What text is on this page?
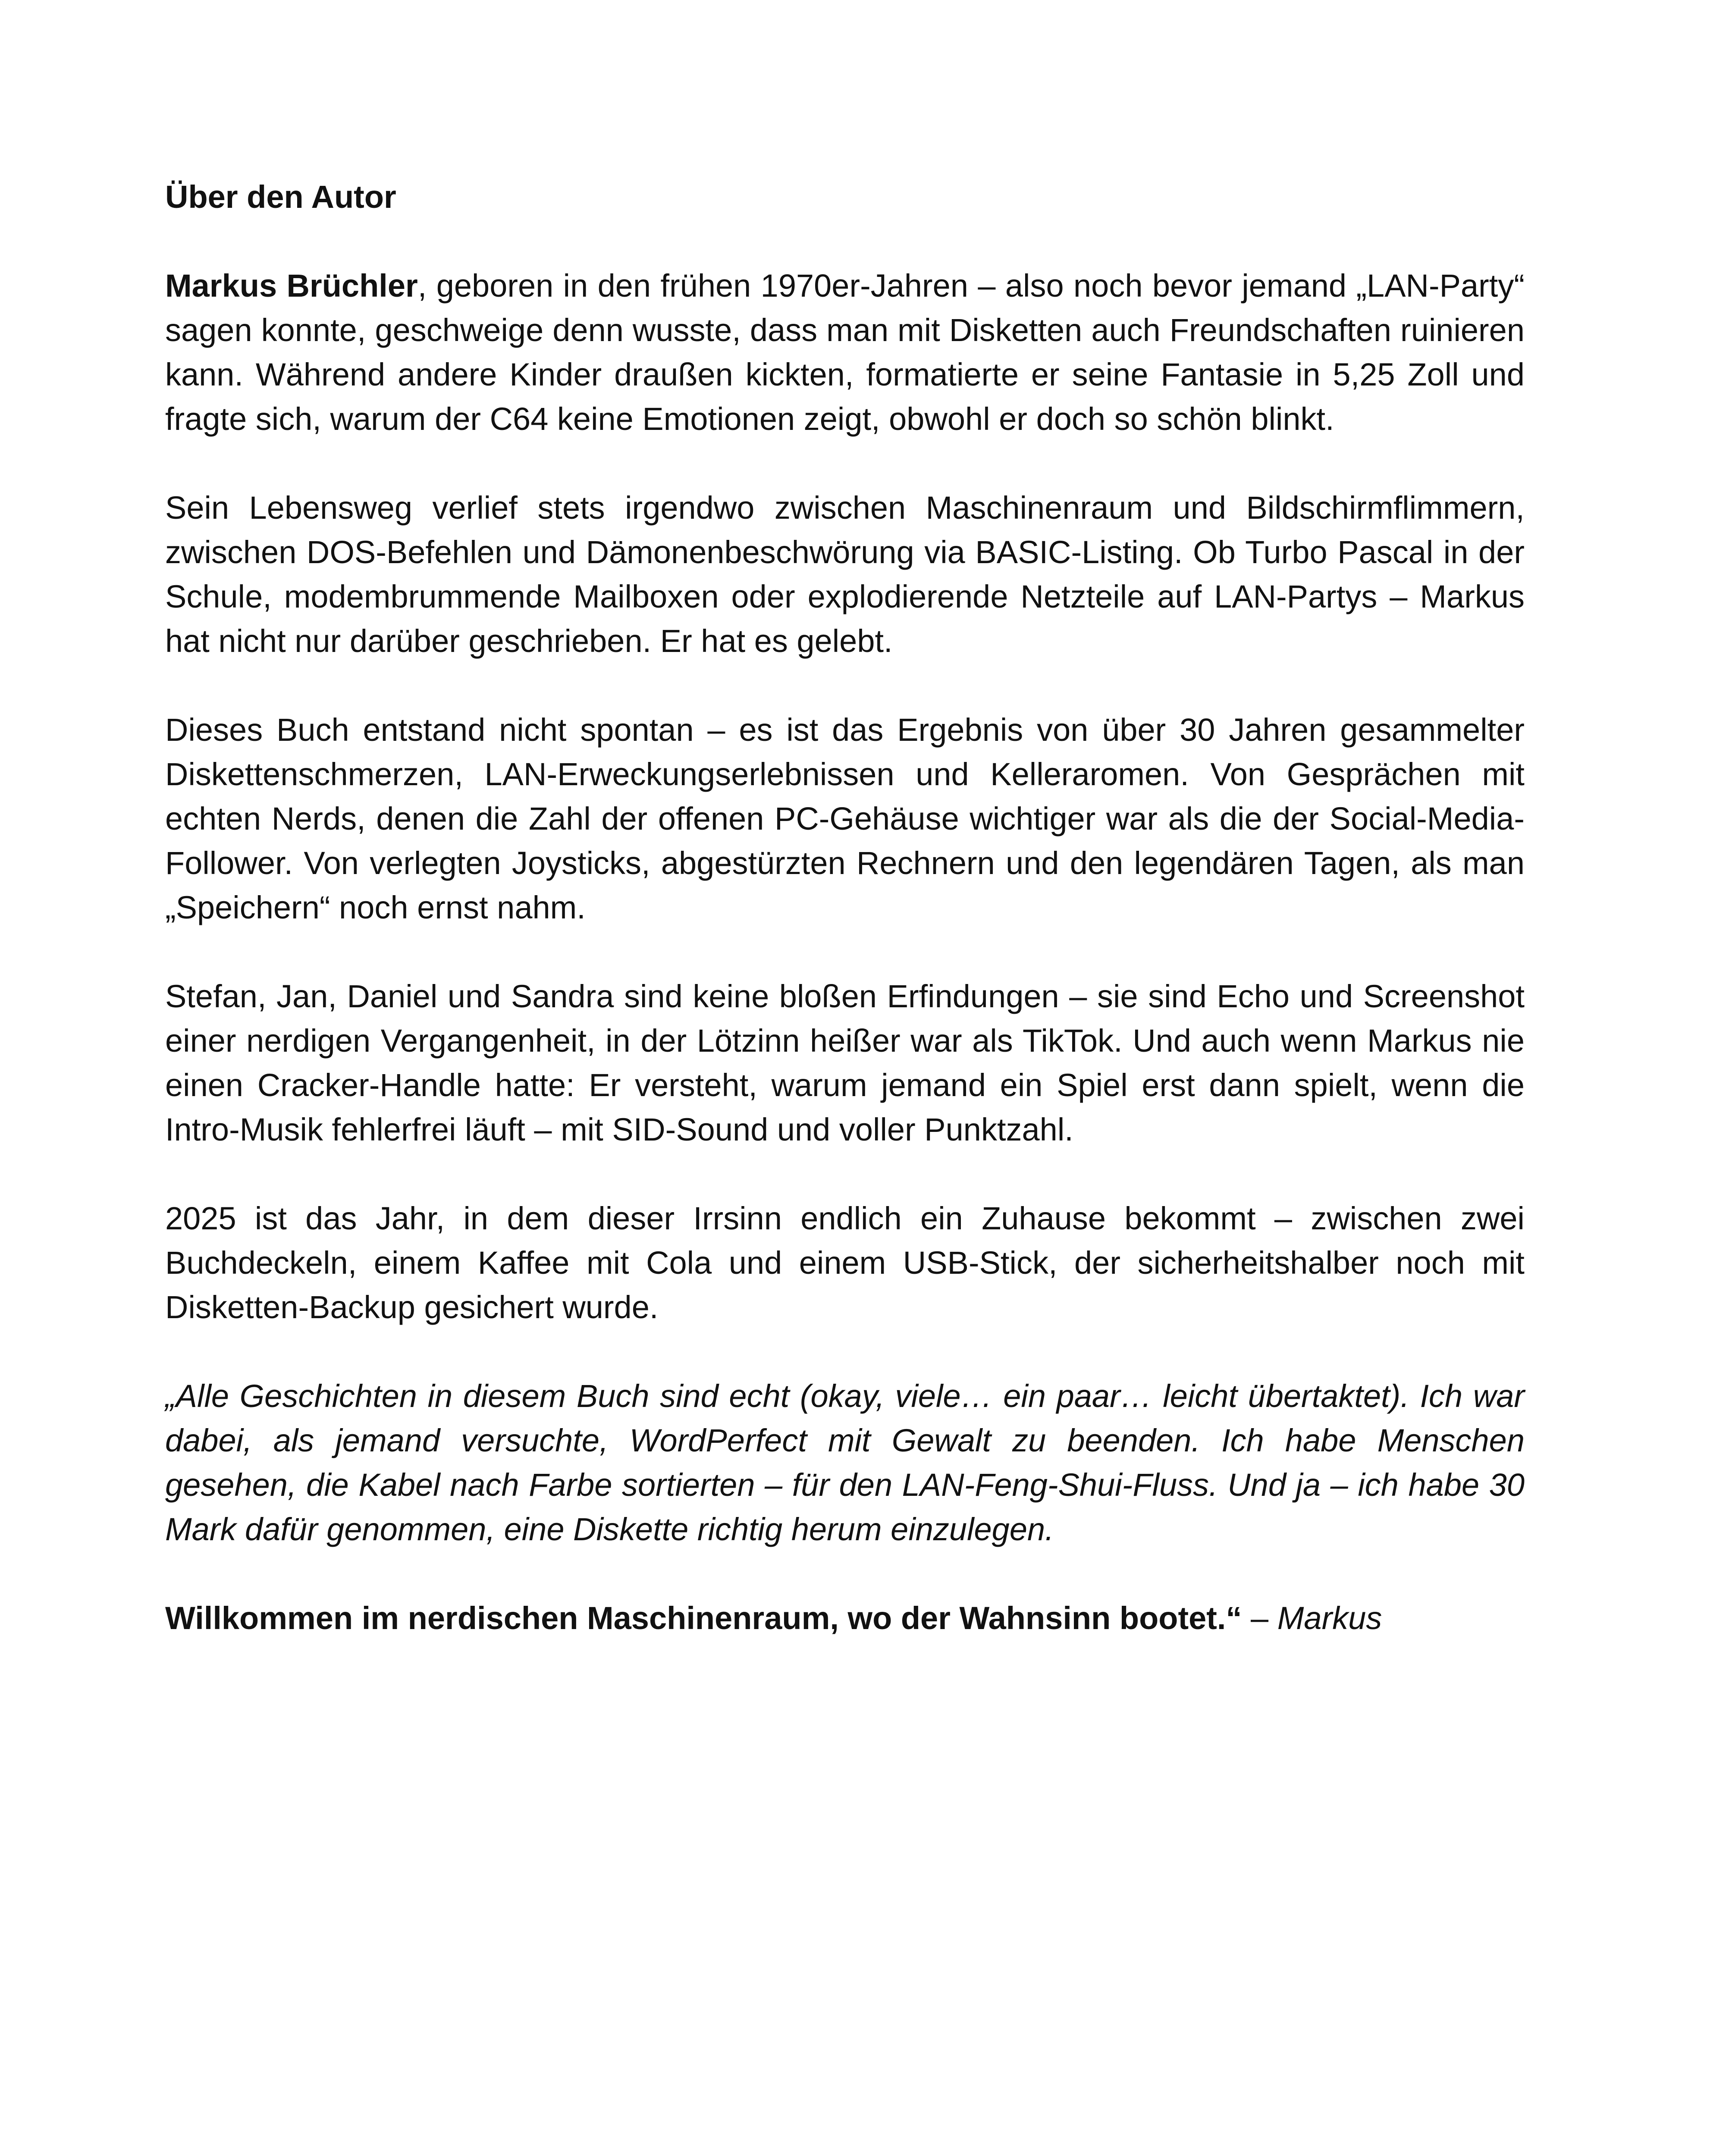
Über den Autor

Markus Brüchler, geboren in den frühen 1970er-Jahren – also noch bevor jemand „LAN-Party“ sagen konnte, geschweige denn wusste, dass man mit Disketten auch Freundschaften ruinieren kann. Während andere Kinder draußen kickten, formatierte er seine Fantasie in 5,25 Zoll und fragte sich, warum der C64 keine Emotionen zeigt, obwohl er doch so schön blinkt.

Sein Lebensweg verlief stets irgendwo zwischen Maschinenraum und Bildschirmflimmern, zwischen DOS-Befehlen und Dämonenbeschwörung via BASIC-Listing. Ob Turbo Pascal in der Schule, modembrummende Mailboxen oder explodierende Netzteile auf LAN-Partys – Markus hat nicht nur darüber geschrieben. Er hat es gelebt.

Dieses Buch entstand nicht spontan – es ist das Ergebnis von über 30 Jahren gesammelter Diskettenschmerzen, LAN-Erweckungserlebnissen und Kelleraromen. Von Gesprächen mit echten Nerds, denen die Zahl der offenen PC-Gehäuse wichtiger war als die der Social-Media-Follower. Von verlegten Joysticks, abgestürzten Rechnern und den legendären Tagen, als man „Speichern“ noch ernst nahm.

Stefan, Jan, Daniel und Sandra sind keine bloßen Erfindungen – sie sind Echo und Screenshot einer nerdigen Vergangenheit, in der Lötzinn heißer war als TikTok. Und auch wenn Markus nie einen Cracker-Handle hatte: Er versteht, warum jemand ein Spiel erst dann spielt, wenn die Intro-Musik fehlerfrei läuft – mit SID-Sound und voller Punktzahl.

2025 ist das Jahr, in dem dieser Irrsinn endlich ein Zuhause bekommt – zwischen zwei Buchdeckeln, einem Kaffee mit Cola und einem USB-Stick, der sicherheitshalber noch mit Disketten-Backup gesichert wurde.

„Alle Geschichten in diesem Buch sind echt (okay, viele… ein paar… leicht übertaktet). Ich war dabei, als jemand versuchte, WordPerfect mit Gewalt zu beenden. Ich habe Menschen gesehen, die Kabel nach Farbe sortierten – für den LAN-Feng-Shui-Fluss. Und ja – ich habe 30 Mark dafür genommen, eine Diskette richtig herum einzulegen.

Willkommen im nerdischen Maschinenraum, wo der Wahnsinn bootet.“ – Markus
